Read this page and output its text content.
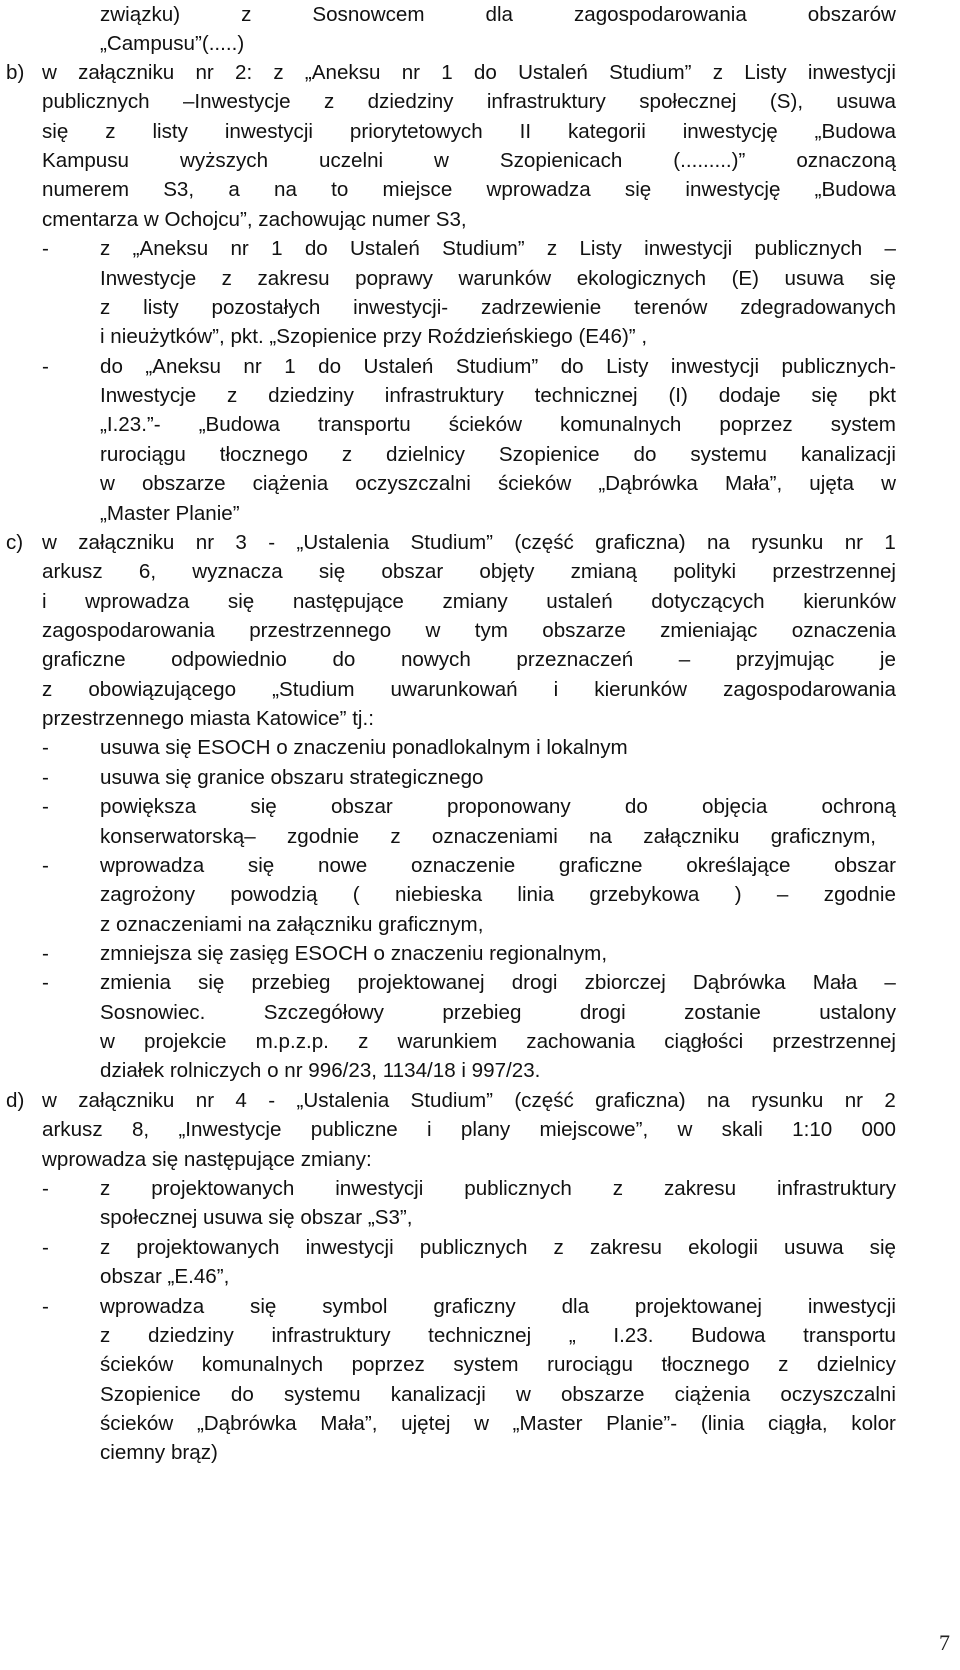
związku)	z	Sosnowcem	dla	zagospodarowania	obszarów
„Campusu”(.....)
b) w załączniku nr 2: z „Aneksu nr 1 do Ustaleń Studium” z Listy inwestycji
publicznych –Inwestycje z dziedziny infrastruktury społecznej (S), usuwa
się z listy inwestycji priorytetowych II kategorii inwestycję „Budowa
Kampusu wyższych uczelni w Szopienicach (.........)” oznaczoną
numerem S3, a na to miejsce wprowadza się inwestycję „Budowa
cmentarza w Ochojcu”, zachowując numer S3,
- z „Aneksu nr 1 do Ustaleń Studium” z Listy inwestycji publicznych –
Inwestycje z zakresu poprawy warunków ekologicznych (E) usuwa się
z listy pozostałych inwestycji- zadrzewienie terenów zdegradowanych
i nieużytków”, pkt. „Szopienice przy Roździeńskiego (E46)” ,
- do „Aneksu nr 1 do Ustaleń Studium” do Listy inwestycji publicznych-
Inwestycje z dziedziny infrastruktury technicznej (I) dodaje się pkt
„I.23.”- „Budowa transportu ścieków komunalnych poprzez system
rurociągu tłocznego z dzielnicy Szopienice do systemu kanalizacji
w obszarze ciążenia oczyszczalni ścieków „Dąbrówka Mała”, ujęta w
„Master Planie”
c) w załączniku nr 3 - „Ustalenia Studium” (część graficzna) na rysunku nr 1
arkusz 6, wyznacza się obszar objęty zmianą polityki przestrzennej
i wprowadza się następujące zmiany ustaleń dotyczących kierunków
zagospodarowania przestrzennego w tym obszarze zmieniając oznaczenia
graficzne odpowiednio do nowych przeznaczeń – przyjmując je
z obowiązującego „Studium uwarunkowań i kierunków zagospodarowania
przestrzennego miasta Katowice” tj.:
- usuwa się ESOCH o znaczeniu ponadlokalnym i lokalnym
- usuwa się granice obszaru strategicznego
- powiększa	się	obszar	proponowany	do	objęcia	ochroną
konserwatorską– zgodnie z oznaczeniami na załączniku graficznym,
- wprowadza się nowe oznaczenie graficzne określające obszar
zagrożony powodzią ( niebieska linia grzebykowa ) – zgodnie
z oznaczeniami na załączniku graficznym,
- zmniejsza się zasięg ESOCH o znaczeniu regionalnym,
- zmienia się przebieg projektowanej drogi zbiorczej Dąbrówka Mała –
Sosnowiec.	Szczegółowy	przebieg	drogi	zostanie	ustalony
w projekcie m.p.z.p. z warunkiem zachowania ciągłości przestrzennej
działek rolniczych o nr 996/23, 1134/18 i 997/23.
d) w załączniku nr 4 - „Ustalenia Studium” (część graficzna) na rysunku nr 2
arkusz 8, „Inwestycje publiczne i plany miejscowe”, w skali 1:10 000
wprowadza się następujące zmiany:
- z projektowanych inwestycji publicznych z zakresu infrastruktury
społecznej usuwa się obszar „S3”,
- z projektowanych inwestycji publicznych z zakresu ekologii usuwa się
obszar „E.46”,
- wprowadza się symbol graficzny dla projektowanej inwestycji
z dziedziny infrastruktury technicznej „ I.23. Budowa transportu
ścieków komunalnych poprzez system rurociągu tłocznego z dzielnicy
Szopienice do systemu kanalizacji w obszarze ciążenia oczyszczalni
ścieków „Dąbrówka Mała”, ujętej w „Master Planie”- (linia ciągła, kolor
ciemny brąz)
7
